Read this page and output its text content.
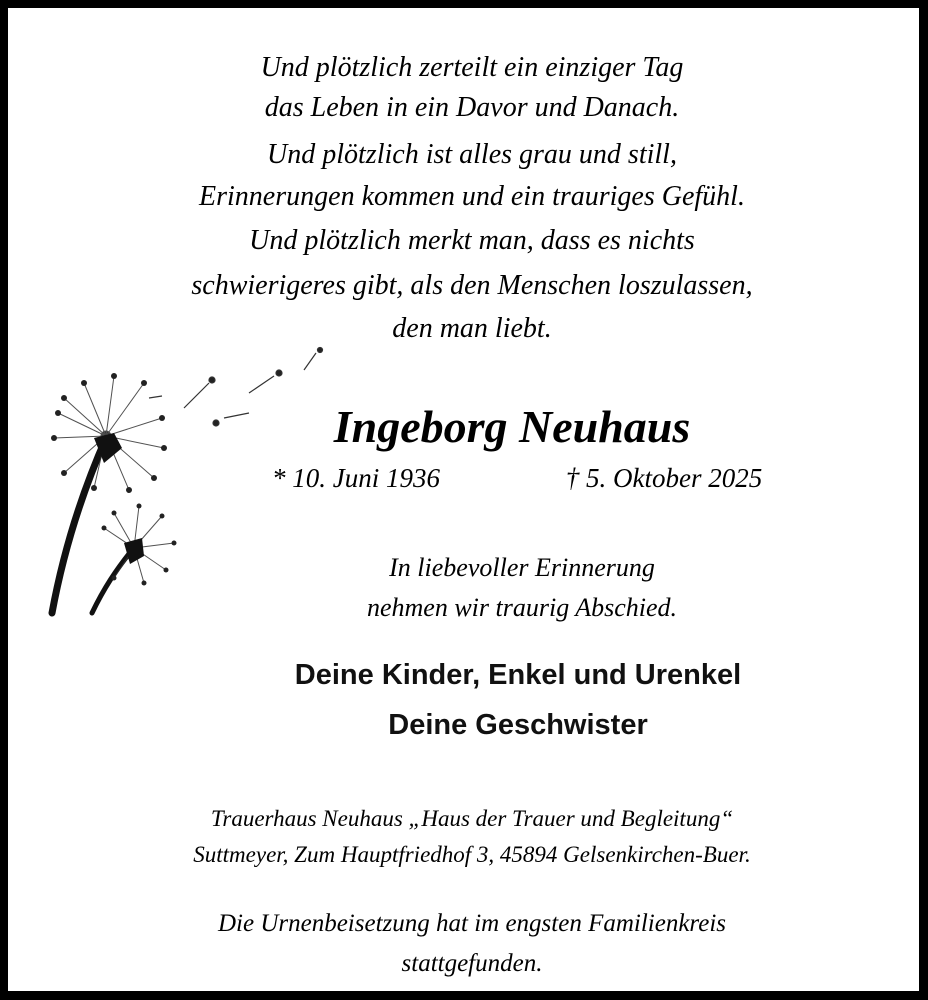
Und plötzlich zerteilt ein einziger Tag
das Leben in ein Davor und Danach.
Und plötzlich ist alles grau und still,
Erinnerungen kommen und ein trauriges Gefühl.
Und plötzlich merkt man, dass es nichts
schwierigeres gibt, als den Menschen loszulassen,
den man liebt.
Ingeborg Neuhaus
* 10. Juni 1936	† 5. Oktober 2025
In liebevoller Erinnerung
nehmen wir traurig Abschied.
Deine Kinder, Enkel und Urenkel
Deine Geschwister
Trauerhaus Neuhaus „Haus der Trauer und Begleitung“
Suttmeyer, Zum Hauptfriedhof 3, 45894 Gelsenkirchen-Buer.
Die Urnenbeisetzung hat im engsten Familienkreis
stattgefunden.
